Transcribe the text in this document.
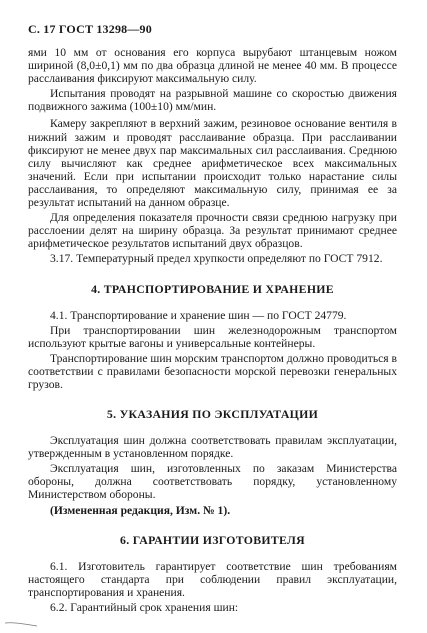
С. 17 ГОСТ 13298—90

ями 10 мм от основания его корпуса вырубают штанцевым ножом шириной (8,0±0,1) мм по два образца длиной не менее 40 мм. В процессе расслаивания фиксируют максимальную силу.

Испытания проводят на разрывной машине со скоростью движения подвижного зажима (100±10) мм/мин.

Камеру закрепляют в верхний зажим, резиновое основание вентиля в нижний зажим и проводят расслаивание образца. При расслаивании фиксируют не менее двух пар максимальных сил расслаивания. Среднюю силу вычисляют как среднее арифметическое всех максимальных значений. Если при испытании происходит только нарастание силы расслаивания, то определяют максимальную силу, принимая ее за результат испытаний на данном образце.

Для определения показателя прочности связи среднюю нагрузку при расслоении делят на ширину образца. За результат принимают среднее арифметическое результатов испытаний двух образцов.

3.17. Температурный предел хрупкости определяют по ГОСТ 7912.

4. ТРАНСПОРТИРОВАНИЕ И ХРАНЕНИЕ

4.1. Транспортирование и хранение шин — по ГОСТ 24779.

При транспортировании шин железнодорожным транспортом используют крытые вагоны и универсальные контейнеры.

Транспортирование шин морским транспортом должно проводиться в соответствии с правилами безопасности морской перевозки генеральных грузов.

5. УКАЗАНИЯ ПО ЭКСПЛУАТАЦИИ

Эксплуатация шин должна соответствовать правилам эксплуатации, утвержденным в установленном порядке.

Эксплуатация шин, изготовленных по заказам Министерства обороны, должна соответствовать порядку, установленному Министерством обороны.

(Измененная редакция, Изм. № 1).

6. ГАРАНТИИ ИЗГОТОВИТЕЛЯ

6.1. Изготовитель гарантирует соответствие шин требованиям настоящего стандарта при соблюдении правил эксплуатации, транспортирования и хранения.

6.2. Гарантийный срок хранения шин:
